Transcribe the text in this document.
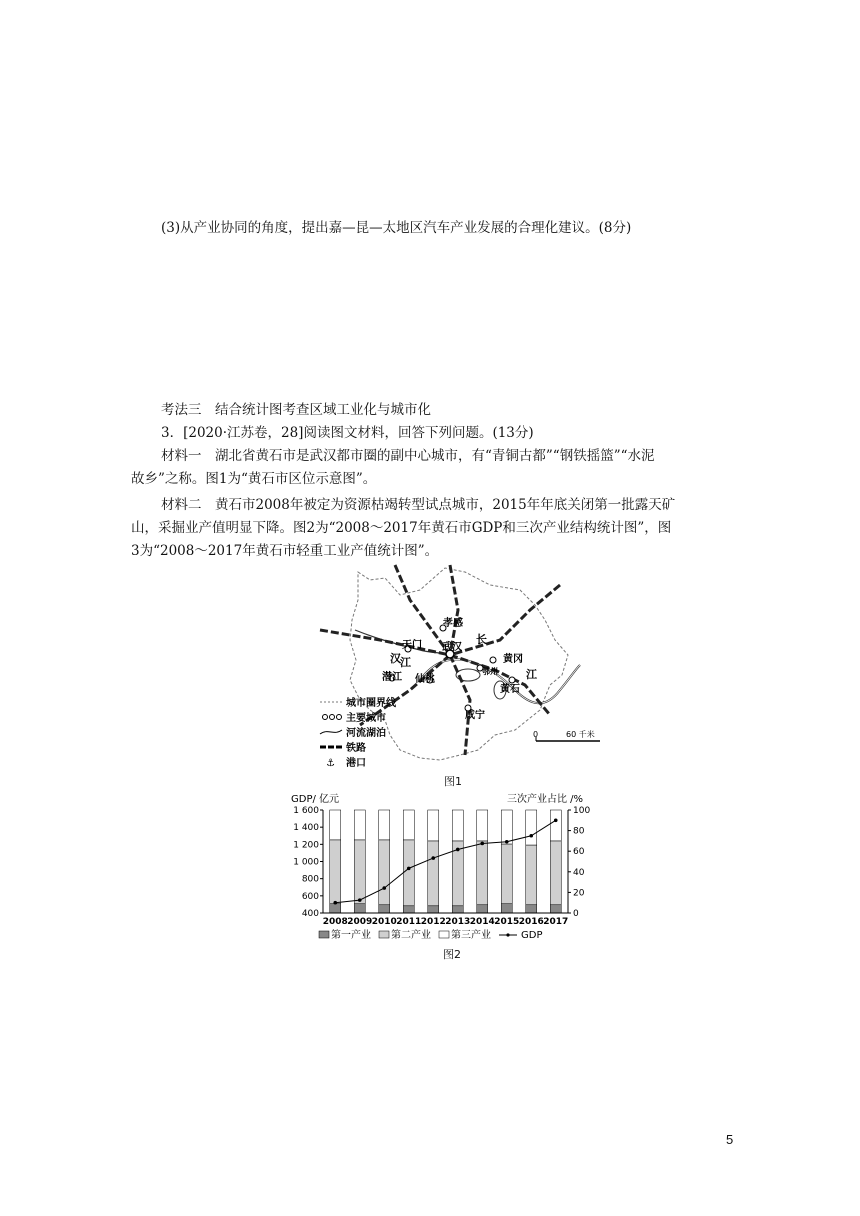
(3)从产业协同的角度，提出嘉—昆—太地区汽车产业发展的合理化建议。(8分)
考法三　结合统计图考查区域工业化与城市化
3．[2020·江苏卷，28]阅读图文材料，回答下列问题。(13分)
材料一　湖北省黄石市是武汉都市圈的副中心城市，有“青铜古都”“钢铁摇篮”“水泥
故乡”之称。图1为“黄石市区位示意图”。
材料二　黄石市2008年被定为资源枯竭转型试点城市，2015年年底关闭第一批露天矿
山，采掘业产值明显下降。图2为“2008～2017年黄石市GDP和三次产业结构统计图”，图
3为“2008～2017年黄石市轻重工业产值统计图”。
孝感
天门 武汉
潜江 仙桃
鄂州
黄冈
黄石
咸宁
汉 江
长
江
城市圈界线
主要城市
河流湖泊
铁路
⚓ 港口
0	60 千米
图1
GDP/ 亿元	三次产业占比 /%
1 600
1 400
1 200
1 000
800
600
400
100
80
60
40
20
0
2008 2009 2010 2011 2012 2013 2014 2015 2016 2017
第一产业 第二产业 第三产业	GDP
图2
5
